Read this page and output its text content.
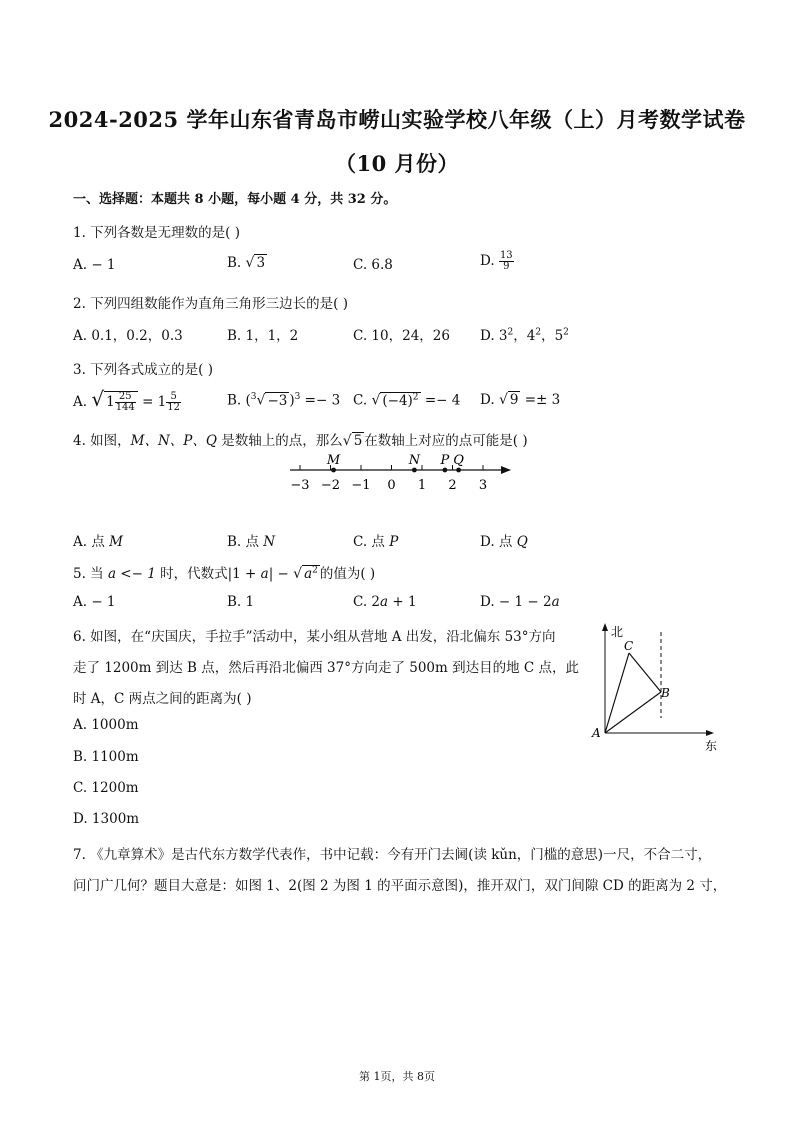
2024-2025 学年山东省青岛市崂山实验学校八年级（上）月考数学试卷
（10 月份）
一、选择题：本题共 8 小题，每小题 4 分，共 32 分。
1. 下列各数是无理数的是( )
A. − 1	B. √ 3	C. 6.8	D. $\frac{13}{9}$
2. 下列四组数能作为直角三角形三边长的是( )
A. 0.1，0.2，0.3	B. 1，1，2	C. 10，24，26 D. $3^2$，$4^2$，$5^2$
3. 下列各式成立的是( )
A. √ $1 \frac{25}{144} = 1 \frac{5}{12}$	B. ($^3$√ −3 )$^3$ =− 3 C. √ $(-4)^2 =- 4$ D. √ 9 =± 3
4. 如图，M、N、P、Q 是数轴上的点，那么√ 5 在数轴上对应的点可能是( )
−3 −2 −1 0 1 2 3
M	N P Q
A. 点 M	B. 点 N	C. 点 P	D. 点 Q
5. 当 a <− 1 时，代数式|1 + a| − √ $a^2$ 的值为( )
A. − 1	B. 1	C. 2a + 1	D. − 1 − 2a
6. 如图，在“庆国庆，手拉手”活动中，某小组从营地 A 出发，沿北偏东 53°方向
走了 1200m 到达 B 点，然后再沿北偏西 37°方向走了 500m 到达目的地 C 点，此
时 A，C 两点之间的距离为( )
A. 1000m
B. 1100m
C. 1200m
D. 1300m
北
东
A
B
C
7. 《九章算术》是古代东方数学代表作，书中记载：今有开门去阃(读 kǔn，门槛的意思)一尺，不合二寸，
问门广几何？题目大意是：如图 1、2(图 2 为图 1 的平面示意图)，推开双门，双门间隙 CD 的距离为 2 寸，
第 1页，共 8页
